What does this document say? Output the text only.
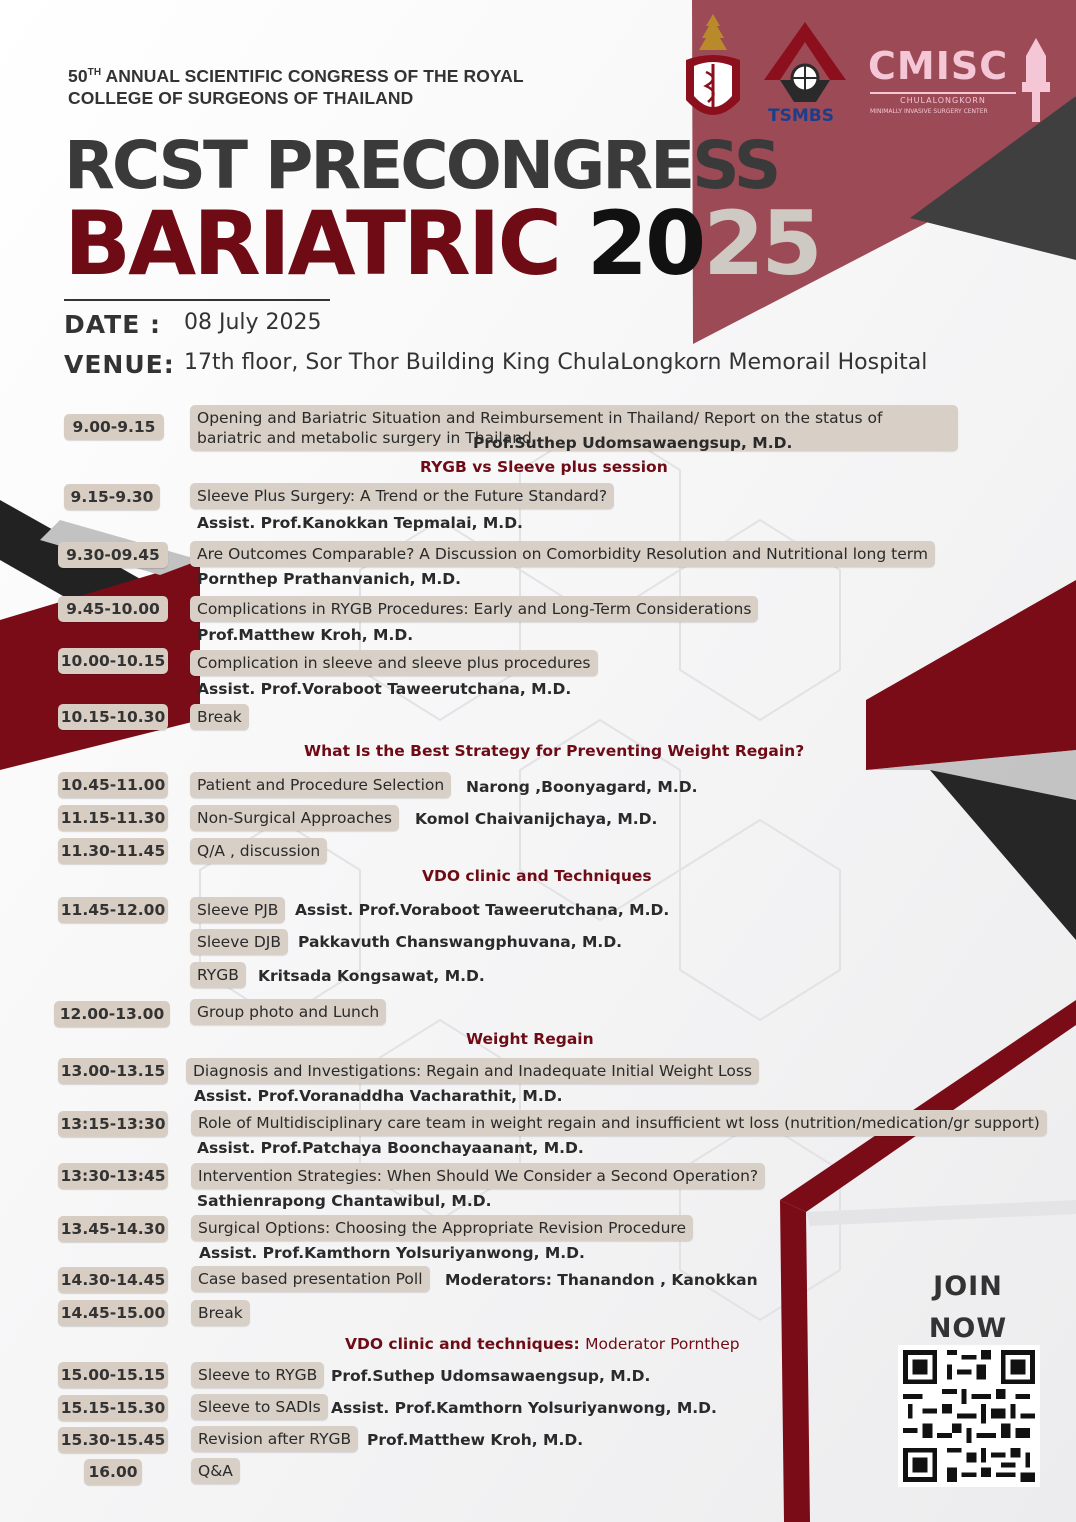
TSMBS
CMISC
CHULALONGKORN
MINIMALLY INVASIVE SURGERY CENTER
50TH ANNUAL SCIENTIFIC CONGRESS OF THE ROYAL
COLLEGE OF SURGEONS OF THAILAND
RCST PRECONGRESS
BARIATRIC 2025
DATE : 08 July 2025
VENUE: 17th floor, Sor Thor Building King ChulaLongkorn Memorail Hospital
9.00-9.15	Opening and Bariatric Situation and Reimbursement in Thailand/ Report on the status of bariatric and metabolic surgery in Thailand
Prof.Suthep Udomsawaengsup, M.D.
RYGB vs Sleeve plus session
9.15-9.30	Sleeve Plus Surgery: A Trend or the Future Standard?
Assist. Prof.Kanokkan Tepmalai, M.D.
9.30-09.45	Are Outcomes Comparable? A Discussion on Comorbidity Resolution and Nutritional long term
Pornthep Prathanvanich, M.D.
9.45-10.00	Complications in RYGB Procedures: Early and Long-Term Considerations
Prof.Matthew Kroh, M.D.
10.00-10.15	Complication in sleeve and sleeve plus procedures
Assist. Prof.Voraboot Taweerutchana, M.D.
10.15-10.30	Break
What Is the Best Strategy for Preventing Weight Regain?
10.45-11.00	Patient and Procedure Selection	Narong ,Boonyagard, M.D.
11.15-11.30	Non-Surgical Approaches	Komol Chaivanijchaya, M.D.
11.30-11.45	Q/A , discussion
VDO clinic and Techniques
11.45-12.00	Sleeve PJB	Assist. Prof.Voraboot Taweerutchana, M.D.
Sleeve DJB	Pakkavuth Chanswangphuvana, M.D.
RYGB	Kritsada Kongsawat, M.D.
12.00-13.00	Group photo and Lunch
Weight Regain
13.00-13.15	Diagnosis and Investigations: Regain and Inadequate Initial Weight Loss
Assist. Prof.Voranaddha Vacharathit, M.D.
13:15-13:30	Role of Multidisciplinary care team in weight regain and insufficient wt loss (nutrition/medication/gr support)
Assist. Prof.Patchaya Boonchayaanant, M.D.
13:30-13:45	Intervention Strategies: When Should We Consider a Second Operation?
Sathienrapong Chantawibul, M.D.
13.45-14.30	Surgical Options: Choosing the Appropriate Revision Procedure
Assist. Prof.Kamthorn Yolsuriyanwong, M.D.
14.30-14.45	Case based presentation Poll	Moderators: Thanandon , Kanokkan
14.45-15.00	Break
VDO clinic and techniques: Moderator Pornthep
15.00-15.15	Sleeve to RYGB Prof.Suthep Udomsawaengsup, M.D.
15.15-15.30	Sleeve to SADIs Assist. Prof.Kamthorn Yolsuriyanwong, M.D.
15.30-15.45	Revision after RYGB	Prof.Matthew Kroh, M.D.
16.00	Q&A
JOIN
NOW
